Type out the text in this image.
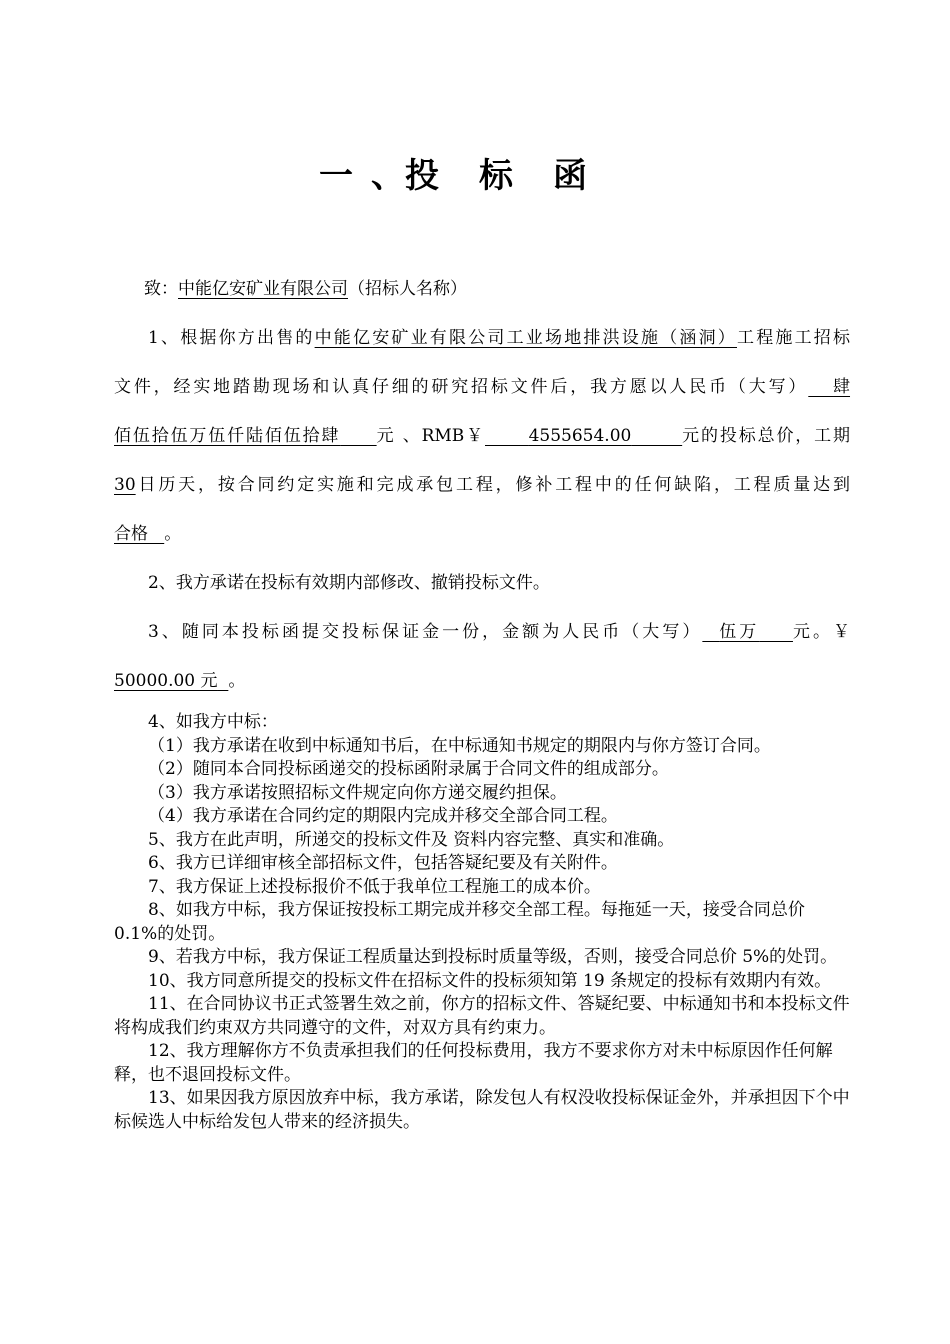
一 、投 标 函

致：中能亿安矿业有限公司（招标人名称）

1、根据你方出售的中能亿安矿业有限公司工业场地排洪设施（涵洞）工程施工招标

文件，经实地踏勘现场和认真仔细的研究招标文件后，我方愿以人民币（大写） 肆

佰伍拾伍万伍仟陆佰伍拾肆 元 、RMB￥	4555654.00	元的投标总价，工期

30日历天，按合同约定实施和完成承包工程，修补工程中的任何缺陷，工程质量达到

合格 。

2、我方承诺在投标有效期内部修改、撤销投标文件。

3、随同本投标函提交投标保证金一份，金额为人民币（大写） 伍万 元。￥

50000.00 元 。

4、如我方中标：

（1）我方承诺在收到中标通知书后，在中标通知书规定的期限内与你方签订合同。

（2）随同本合同投标函递交的投标函附录属于合同文件的组成部分。

（3）我方承诺按照招标文件规定向你方递交履约担保。

（4）我方承诺在合同约定的期限内完成并移交全部合同工程。

5、我方在此声明，所递交的投标文件及 资料内容完整、真实和准确。

6、我方已详细审核全部招标文件，包括答疑纪要及有关附件。

7、我方保证上述投标报价不低于我单位工程施工的成本价。

8、如我方中标，我方保证按投标工期完成并移交全部工程。每拖延一天，接受合同总价 0.1%的处罚。

9、若我方中标，我方保证工程质量达到投标时质量等级，否则，接受合同总价 5%的处罚。

10、我方同意所提交的投标文件在招标文件的投标须知第 19 条规定的投标有效期内有效。

11、在合同协议书正式签署生效之前，你方的招标文件、答疑纪要、中标通知书和本投标文件将构成我们约束双方共同遵守的文件，对双方具有约束力。

12、我方理解你方不负责承担我们的任何投标费用，我方不要求你方对未中标原因作任何解释，也不退回投标文件。

13、如果因我方原因放弃中标，我方承诺，除发包人有权没收投标保证金外，并承担因下个中标候选人中标给发包人带来的经济损失。
